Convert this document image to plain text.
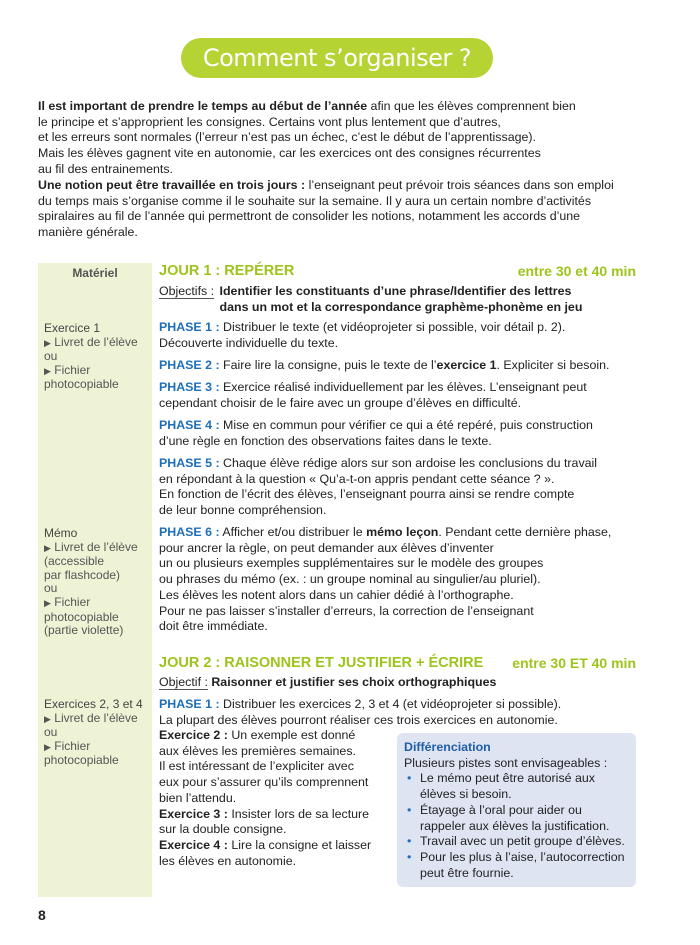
Comment s’organiser ?
Il est important de prendre le temps au début de l’année afin que les élèves comprennent bien
le principe et s’approprient les consignes. Certains vont plus lentement que d’autres,
et les erreurs sont normales (l’erreur n’est pas un échec, c’est le début de l’apprentissage).
Mais les élèves gagnent vite en autonomie, car les exercices ont des consignes récurrentes
au fil des entrainements.
Une notion peut être travaillée en trois jours : l’enseignant peut prévoir trois séances dans son emploi
du temps mais s’organise comme il le souhaite sur la semaine. Il y aura un certain nombre d’activités
spiralaires au fil de l’année qui permettront de consolider les notions, notamment les accords d’une
manière générale.
Matériel
Exercice 1
▶ Livret de l’élève
ou
▶ Fichier
photocopiable
Mémo
▶ Livret de l’élève
(accessible
par flashcode)
ou
▶ Fichier
photocopiable
(partie violette)
Exercices 2, 3 et 4
▶ Livret de l’élève
ou
▶ Fichier
photocopiable
JOUR 1 : REPÉRER	entre 30 et 40 min
Objectifs : Identifier les constituants d’une phrase/Identifier des lettres
dans un mot et la correspondance graphème-phonème en jeu
PHASE 1 : Distribuer le texte (et vidéoprojeter si possible, voir détail p. 2).
Découverte individuelle du texte.
PHASE 2 : Faire lire la consigne, puis le texte de l’exercice 1. Expliciter si besoin.
PHASE 3 : Exercice réalisé individuellement par les élèves. L’enseignant peut
cependant choisir de le faire avec un groupe d’élèves en difficulté.
PHASE 4 : Mise en commun pour vérifier ce qui a été repéré, puis construction
d’une règle en fonction des observations faites dans le texte.
PHASE 5 : Chaque élève rédige alors sur son ardoise les conclusions du travail
en répondant à la question « Qu’a-t-on appris pendant cette séance ? ».
En fonction de l’écrit des élèves, l’enseignant pourra ainsi se rendre compte
de leur bonne compréhension.
PHASE 6 : Afficher et/ou distribuer le mémo leçon. Pendant cette dernière phase,
pour ancrer la règle, on peut demander aux élèves d’inventer
un ou plusieurs exemples supplémentaires sur le modèle des groupes
ou phrases du mémo (ex. : un groupe nominal au singulier/au pluriel).
Les élèves les notent alors dans un cahier dédié à l’orthographe.
Pour ne pas laisser s’installer d’erreurs, la correction de l’enseignant
doit être immédiate.
JOUR 2 : RAISONNER ET JUSTIFIER + ÉCRIRE entre 30 ET 40 min
Objectif : Raisonner et justifier ses choix orthographiques
PHASE 1 : Distribuer les exercices 2, 3 et 4 (et vidéoprojeter si possible).
La plupart des élèves pourront réaliser ces trois exercices en autonomie.
Exercice 2 : Un exemple est donné
aux élèves les premières semaines.
Il est intéressant de l’expliciter avec
eux pour s’assurer qu’ils comprennent
bien l’attendu.
Exercice 3 : Insister lors de sa lecture
sur la double consigne.
Exercice 4 : Lire la consigne et laisser
les élèves en autonomie.
Différenciation
Plusieurs pistes sont envisageables :
• Le mémo peut être autorisé aux
élèves si besoin.
• Étayage à l’oral pour aider ou
rappeler aux élèves la justification.
• Travail avec un petit groupe d’élèves.
• Pour les plus à l’aise, l’autocorrection
peut être fournie.
8
